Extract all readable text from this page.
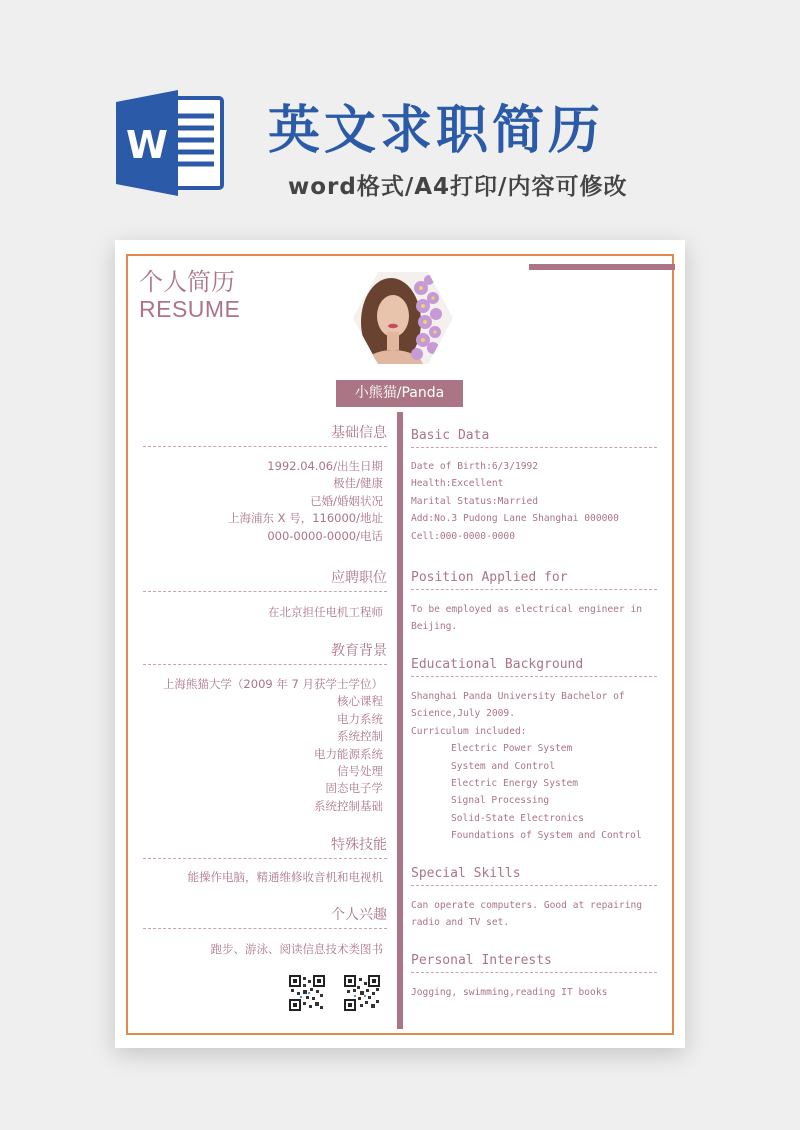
W 英文求职简历
word格式/A4打印/内容可修改
个人简历
RESUME
小熊猫/Panda
基础信息
1992.04.06/出生日期
极佳/健康
已婚/婚姻状况
上海浦东 X 号，116000/地址
000-0000-0000/电话
应聘职位
在北京担任电机工程师
教育背景
上海熊猫大学（2009 年 7 月获学士学位）
核心课程
电力系统
系统控制
电力能源系统
信号处理
固态电子学
系统控制基础
特殊技能
能操作电脑，精通维修收音机和电视机
个人兴趣
跑步、游泳、阅读信息技术类图书
Basic Data
Date of Birth:6/3/1992
Health:Excellent
Marital Status:Married
Add:No.3 Pudong Lane Shanghai 000000
Cell:000-0000-0000
Position Applied for
To be employed as electrical engineer in
Beijing.
Educational Background
Shanghai Panda University Bachelor of
Science,July 2009.
Curriculum included:
Electric Power System
System and Control
Electric Energy System
Signal Processing
Solid-State Electronics
Foundations of System and Control
Special Skills
Can operate computers. Good at repairing
radio and TV set.
Personal Interests
Jogging, swimming,reading IT books
